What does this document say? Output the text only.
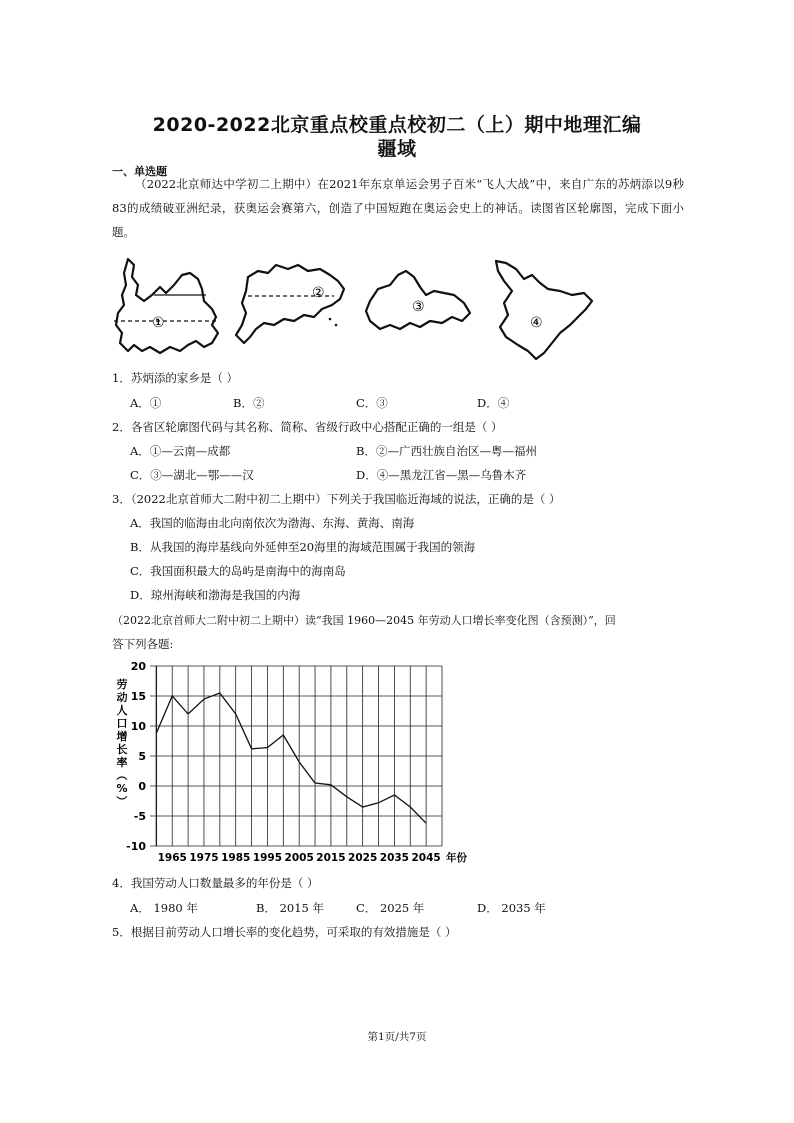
2020-2022北京重点校重点校初二（上）期中地理汇编
疆域
一、单选题
（2022北京师达中学初二上期中）在2021年东京单运会男子百米“飞人大战”中，来自广东的苏炳添以9秒83的成绩破亚洲纪录，获奥运会赛第六，创造了中国短跑在奥运会史上的神话。读图省区轮廓图，完成下面小题。
①
②
③
④
1．苏炳添的家乡是（ ）
A．①	B．②	C．③	D．④
2．各省区轮廓图代码与其名称、简称、省级行政中心搭配正确的一组是（ ）
A．①—云南—成都	B．②—广西壮族自治区—粤—福州
C．③—湖北—鄂——汉	D．④—黑龙江省—黑—乌鲁木齐
3．（2022北京首师大二附中初二上期中）下列关于我国临近海域的说法，正确的是（ ）
A．我国的临海由北向南依次为渤海、东海、黄海、南海
B．从我国的海岸基线向外延伸至20海里的海域范围属于我国的领海
C．我国面积最大的岛屿是南海中的海南岛
D．琼州海峡和渤海是我国的内海
（2022北京首师大二附中初二上期中）读“我国 1960—2045 年劳动人口增长率变化图（含预测）”，回
答下列各题:
20
15
10
5
0
-5
-10
1965 1975 1985 1995 2005 2015 2025 2035 2045 年份
劳
动
人
口
增
长
率
（
%
）
4．我国劳动人口数量最多的年份是（ ）
A． 1980 年	B． 2015 年	C． 2025 年	D． 2035 年
5．根据目前劳动人口增长率的变化趋势，可采取的有效措施是（ ）
第1页/共7页
